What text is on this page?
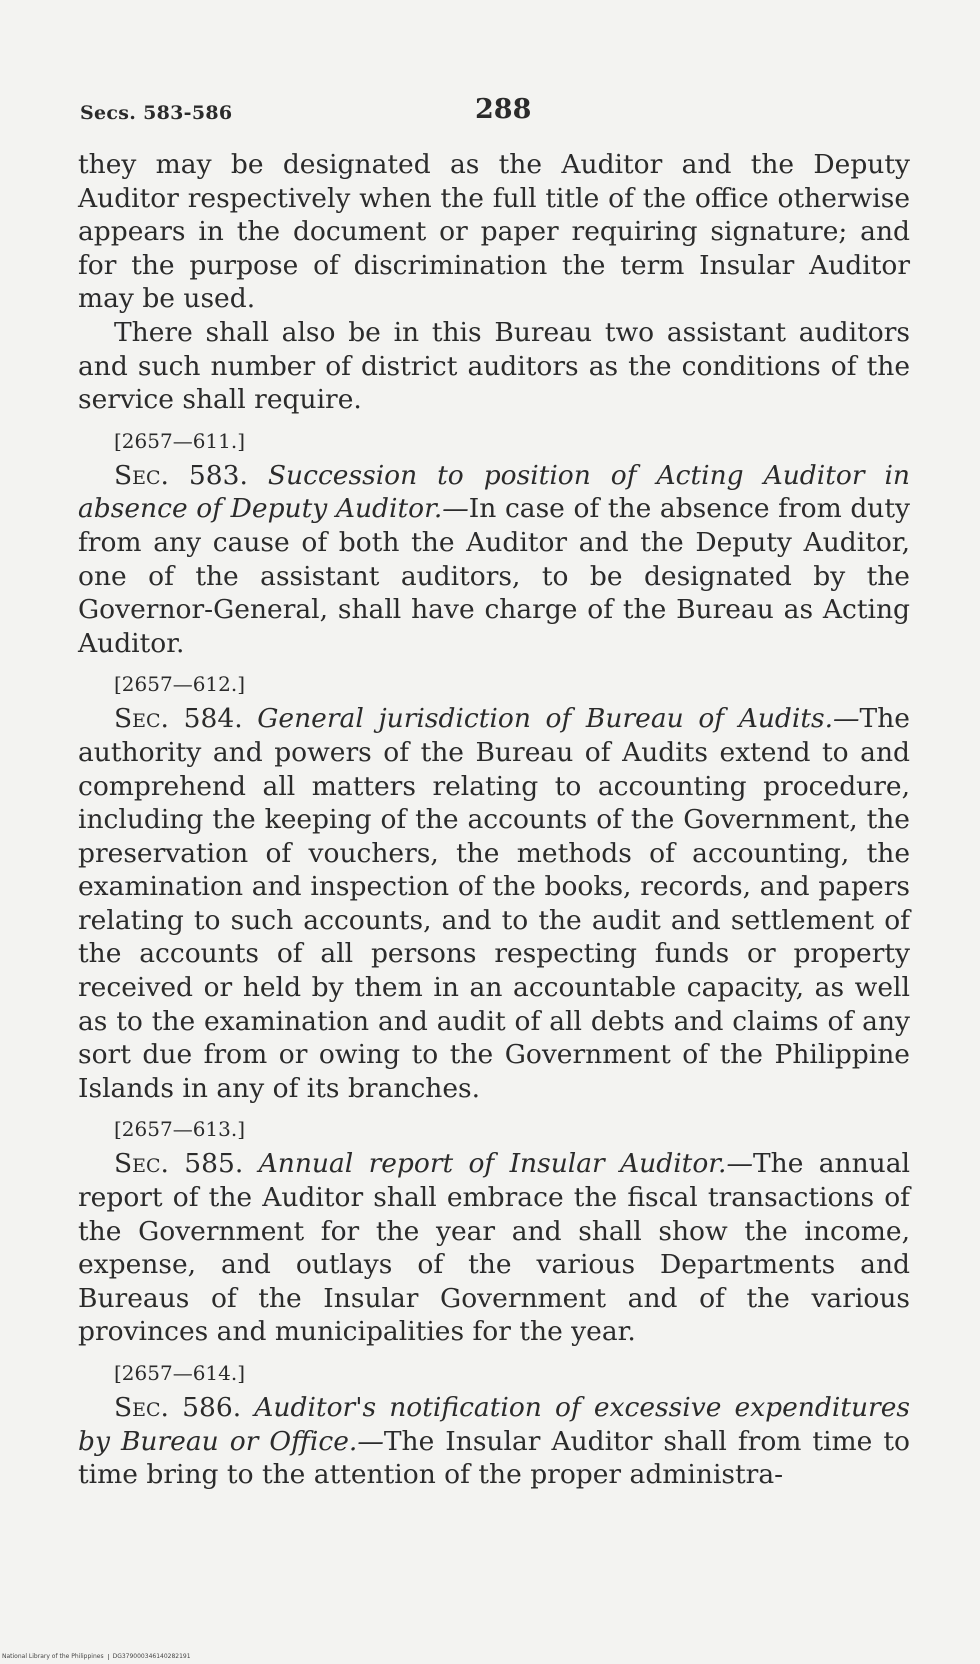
Secs. 583-586	288

they may be designated as the Auditor and the Deputy Auditor respectively when the full title of the office otherwise appears in the document or paper requiring signature; and for the purpose of discrimination the term Insular Auditor may be used.

There shall also be in this Bureau two assistant auditors and such number of district auditors as the conditions of the service shall require.

[2657—611.]

Sec. 583. Succession to position of Acting Auditor in absence of Deputy Auditor.—In case of the absence from duty from any cause of both the Auditor and the Deputy Auditor, one of the assistant auditors, to be designated by the Governor-General, shall have charge of the Bureau as Acting Auditor.

[2657—612.]

Sec. 584. General jurisdiction of Bureau of Audits.—The authority and powers of the Bureau of Audits extend to and comprehend all matters relating to accounting procedure, including the keeping of the accounts of the Government, the preservation of vouchers, the methods of accounting, the examination and inspection of the books, records, and papers relating to such accounts, and to the audit and settlement of the accounts of all persons respecting funds or property received or held by them in an accountable capacity, as well as to the examination and audit of all debts and claims of any sort due from or owing to the Government of the Philippine Islands in any of its branches.

[2657—613.]

Sec. 585. Annual report of Insular Auditor.—The annual report of the Auditor shall embrace the fiscal transactions of the Government for the year and shall show the income, expense, and outlays of the various Departments and Bureaus of the Insular Government and of the various provinces and municipalities for the year.

[2657—614.]

Sec. 586. Auditor's notification of excessive expenditures by Bureau or Office.—The Insular Auditor shall from time to time bring to the attention of the proper administra-

National Library of the Philippines DG379000346140282191
